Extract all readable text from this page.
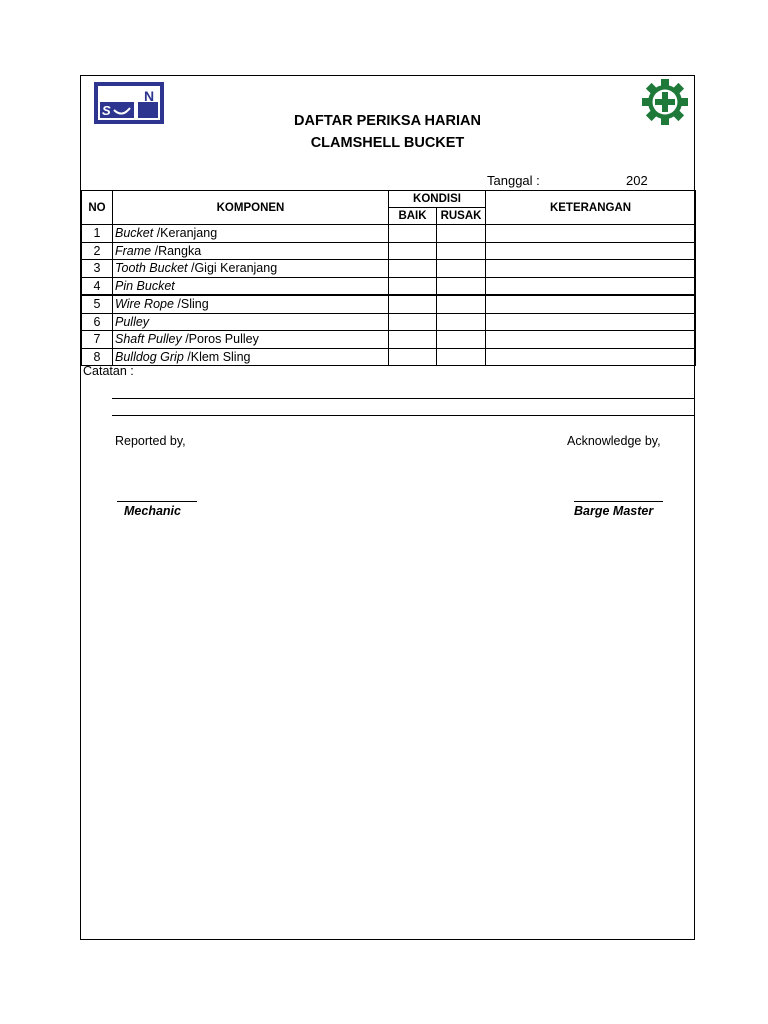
S
N
DAFTAR PERIKSA HARIAN
CLAMSHELL BUCKET
Tanggal :	202
NO	KOMPONEN	KONDISI		KETERANGAN
		BAIK	RUSAK	
1	Bucket /Keranjang			
2	Frame /Rangka			
3	Tooth Bucket /Gigi Keranjang			
4	Pin Bucket			
5	Wire Rope /Sling			
6	Pulley			
7	Shaft Pulley /Poros Pulley			
8	Bulldog Grip /Klem Sling			
Catatan :
Reported by,	Acknowledge by,
Mechanic	Barge Master
